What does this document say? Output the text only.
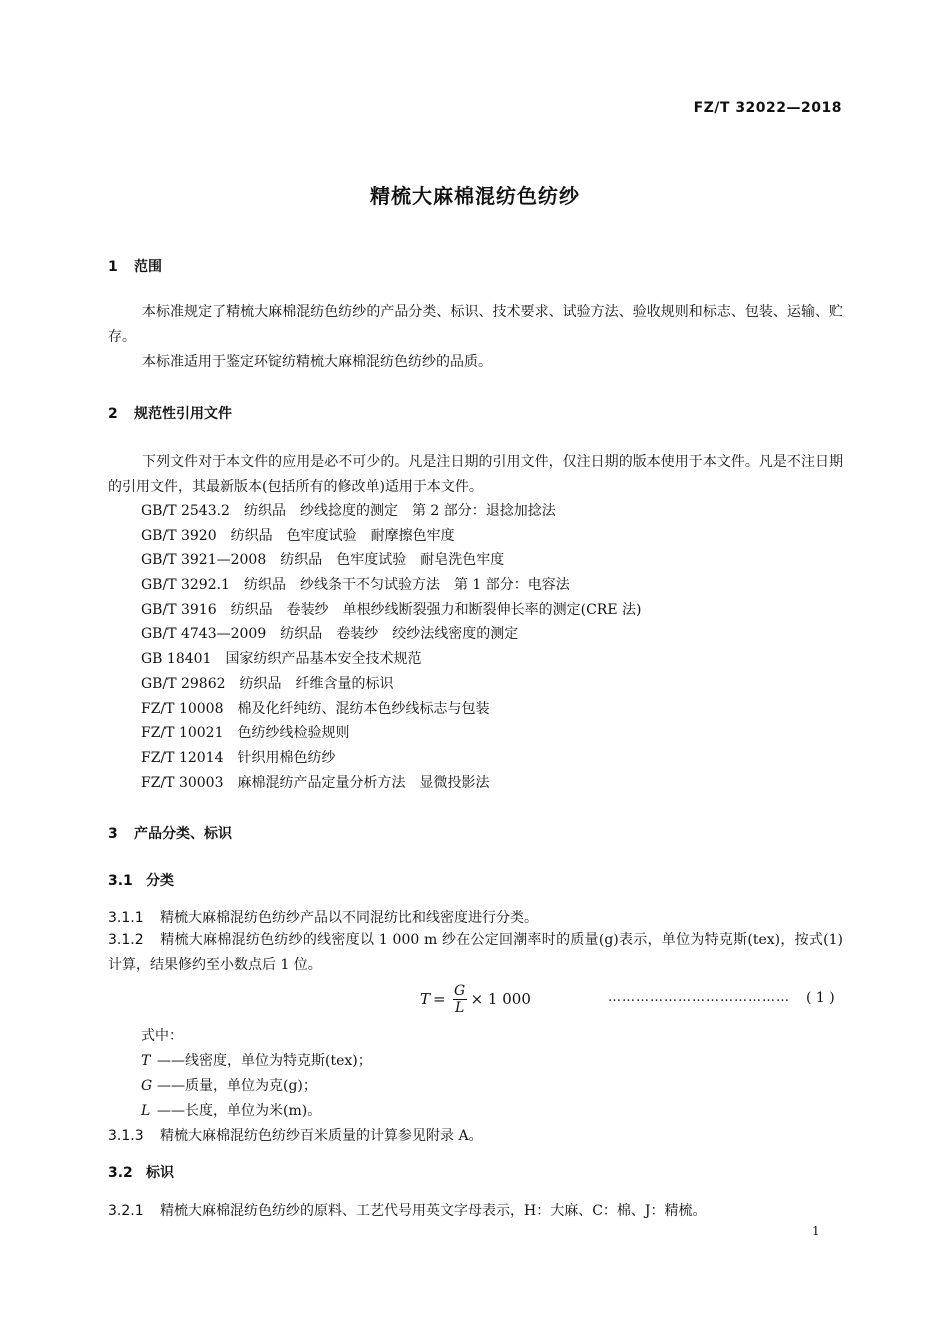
FZ/T 32022—2018
精梳大麻棉混纺色纺纱
1 范围
本标准规定了精梳大麻棉混纺色纺纱的产品分类、标识、技术要求、试验方法、验收规则和标志、包装、运输、贮存。
本标准适用于鉴定环锭纺精梳大麻棉混纺色纺纱的品质。
2 规范性引用文件
下列文件对于本文件的应用是必不可少的。凡是注日期的引用文件，仅注日期的版本使用于本文件。凡是不注日期的引用文件，其最新版本(包括所有的修改单)适用于本文件。
GB/T 2543.2　纺织品　纱线捻度的测定　第 2 部分：退捻加捻法
GB/T 3920　纺织品　色牢度试验　耐摩擦色牢度
GB/T 3921—2008　纺织品　色牢度试验　耐皂洗色牢度
GB/T 3292.1　纺织品　纱线条干不匀试验方法　第 1 部分：电容法
GB/T 3916　纺织品　卷装纱　单根纱线断裂强力和断裂伸长率的测定(CRE 法)
GB/T 4743—2009　纺织品　卷装纱　绞纱法线密度的测定
GB 18401　国家纺织产品基本安全技术规范
GB/T 29862　纺织品　纤维含量的标识
FZ/T 10008　棉及化纤纯纺、混纺本色纱线标志与包装
FZ/T 10021　色纺纱线检验规则
FZ/T 12014　针织用棉色纺纱
FZ/T 30003　麻棉混纺产品定量分析方法　显微投影法
3 产品分类、标识
3.1 分类
3.1.1 精梳大麻棉混纺色纺纱产品以不同混纺比和线密度进行分类。
3.1.2 精梳大麻棉混纺色纺纱的线密度以 1 000 m 纱在公定回潮率时的质量(g)表示，单位为特克斯(tex)，按式(1)计算，结果修约至小数点后 1 位。
$T = \frac{G}{L} \times 1$ 000	………………………………… ( 1 )
式中：
T ——线密度，单位为特克斯(tex)；
G ——质量，单位为克(g)；
L ——长度，单位为米(m)。
3.1.3 精梳大麻棉混纺色纺纱百米质量的计算参见附录 A。
3.2 标识
3.2.1 精梳大麻棉混纺色纺纱的原料、工艺代号用英文字母表示，H：大麻、C：棉、J：精梳。
1
